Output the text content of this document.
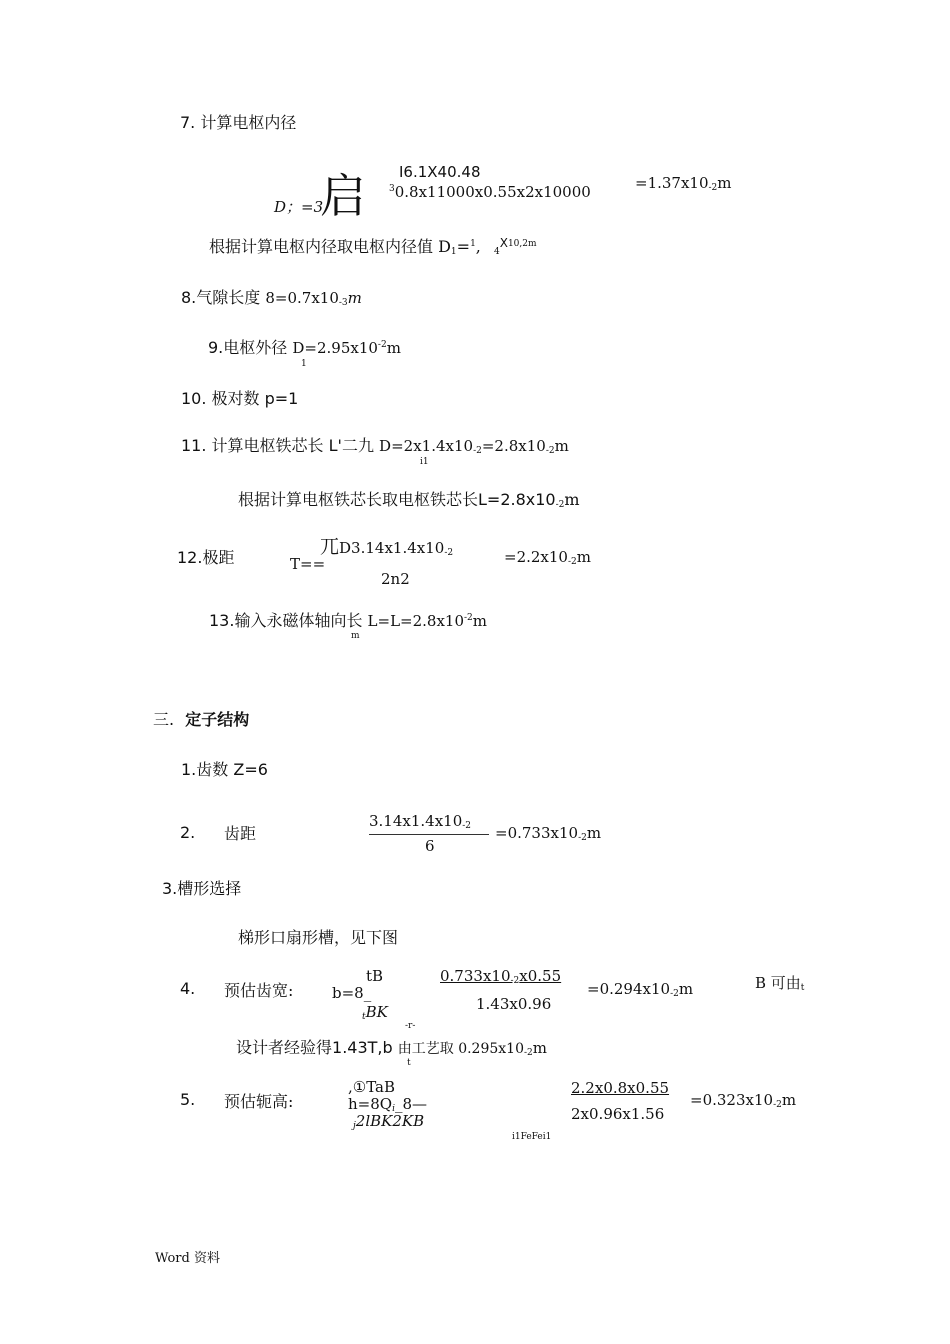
7. 计算电枢内径
I6.1X40.48
$^3$0.8x11000x0.55x2x10000
D；=3
启	=1.37x10-2m
根据计算电枢内径取电枢内径值 D1=$^1$, $4^{X10,2m}$
8.气隙长度 8=0.7x10-3m
9.电枢外径 $D=2.95x10^{-2}m$
1
10. 极对数 p=1
11. 计算电枢铁芯长 L'二九 D=2x1.4x10-2=2.8x10-2m
i1
根据计算电枢铁芯长取电枢铁芯长L=2.8x10-2m
12.极距	T==
兀D3.14x1.4x10-2
2n2
=2.2x10-2m
13.输入永磁体轴向长 $L=L=2.8x10^{-2}m$
m
三. 定子结构
1.齿数 Z=6
2. 齿距
3.14x1.4x10-2
6
=0.733x10-2m
3.槽形选择
梯形口扇形槽，见下图
4. 预估齿宽:
tB
b=8_
tBK
-r-
0.733x10-2x0.55
1.43x0.96
=0.294x10-2m	B 可由t
设计者经验得1.43T,b 由工艺取 0.295x10-2m
t
5. 预估轭高:
,①TaB
h=8Qi_8—
j2lBK2KB
2.2x0.8x0.55
2x0.96x1.56
=0.323x10-2m
i1FeFei1
Word 资料
